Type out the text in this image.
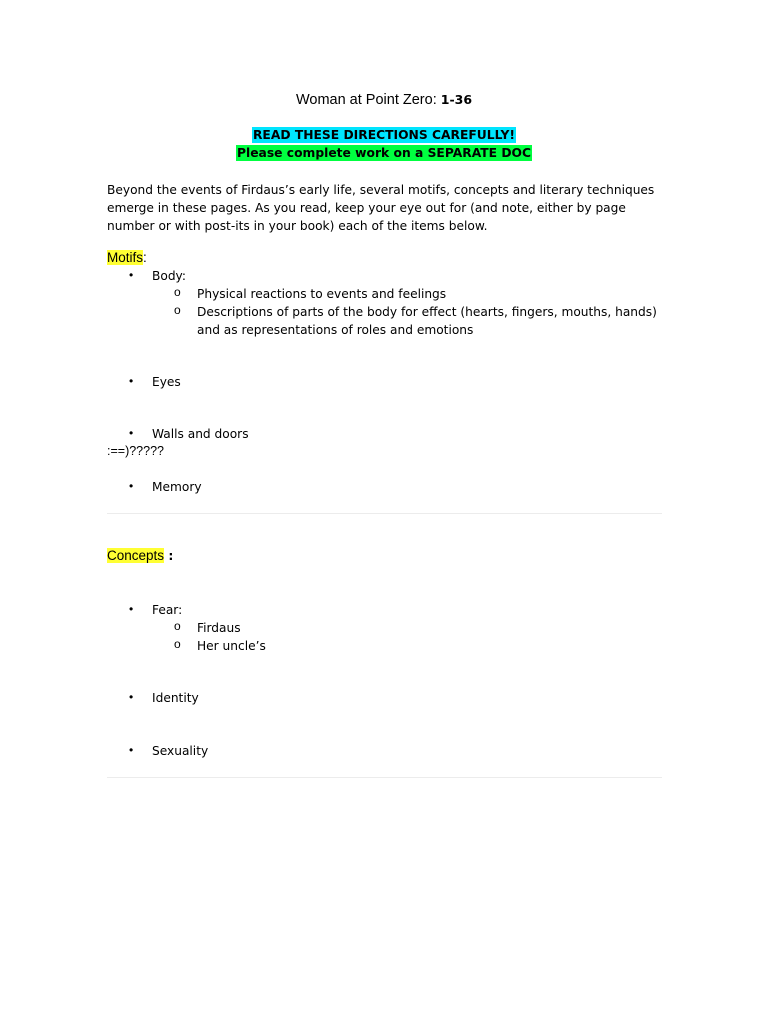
Woman at Point Zero: 1-36
READ THESE DIRECTIONS CAREFULLY!
Please complete work on a SEPARATE DOC
Beyond the events of Firdaus’s early life, several motifs, concepts and literary techniques emerge in these pages. As you read, keep your eye out for (and note, either by page number or with post-its in your book) each of the items below.
Motifs:
• Body:
o Physical reactions to events and feelings
o Descriptions of parts of the body for effect (hearts, fingers, mouths, hands) and as representations of roles and emotions
• Eyes
• Walls and doors
:==)?????
• Memory
Concepts :
• Fear:
o Firdaus
o Her uncle’s
• Identity
• Sexuality
